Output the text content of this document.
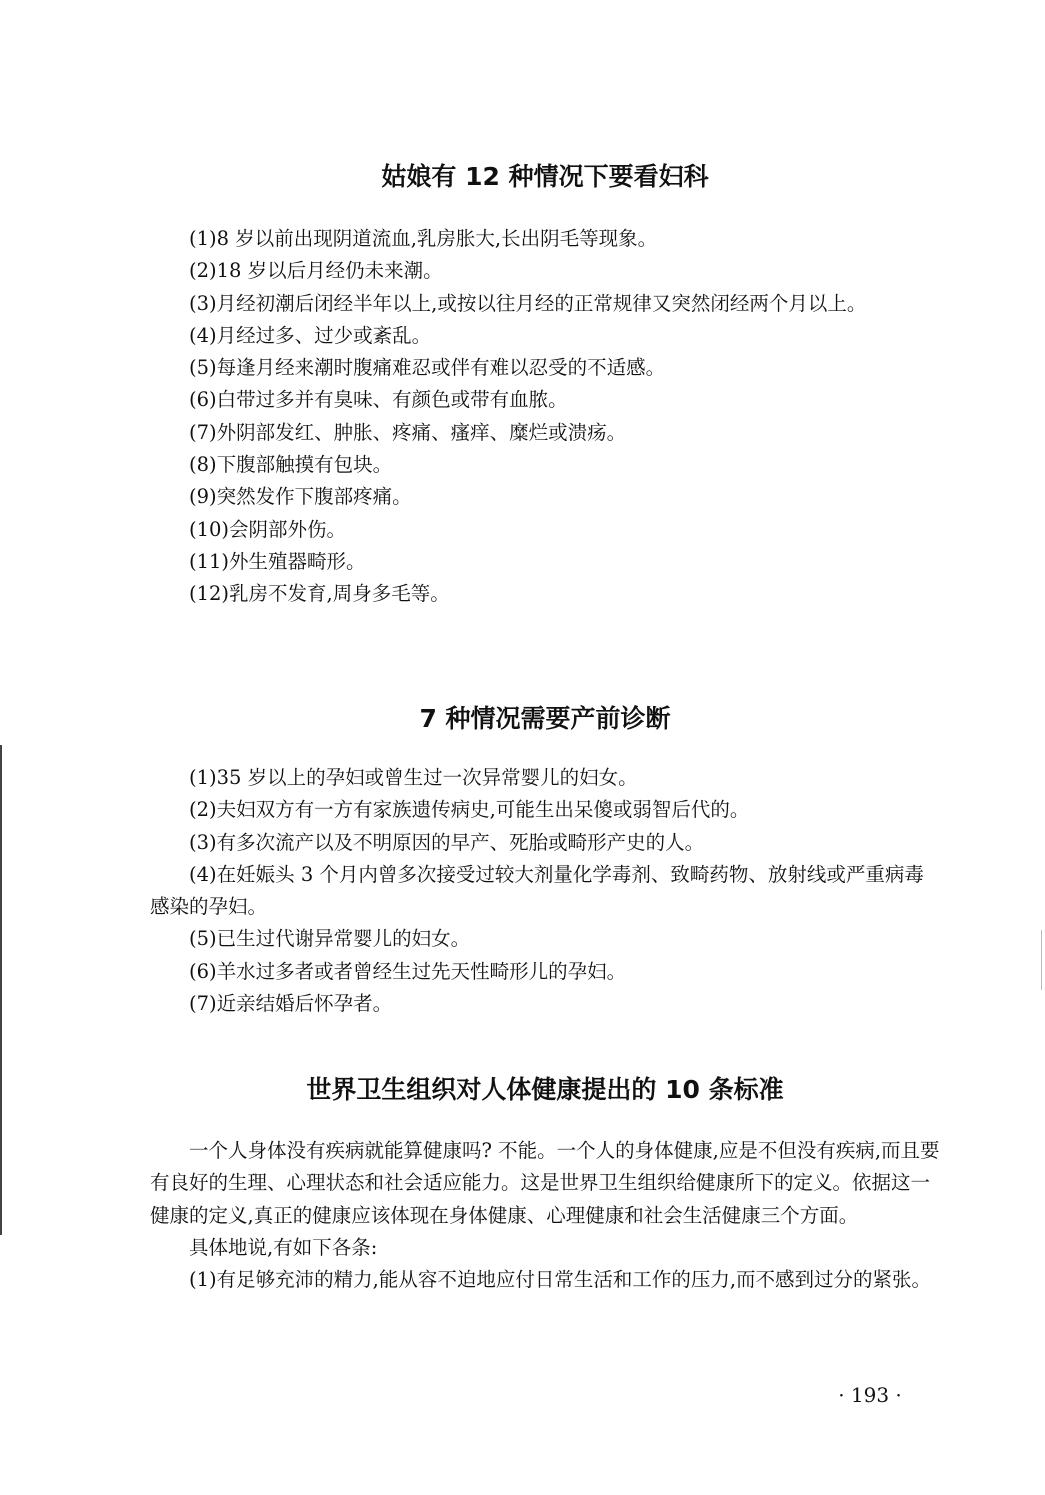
姑娘有 12 种情况下要看妇科

(1)8 岁以前出现阴道流血,乳房胀大,长出阴毛等现象。

(2)18 岁以后月经仍未来潮。

(3)月经初潮后闭经半年以上,或按以往月经的正常规律又突然闭经两个月以上。

(4)月经过多、过少或紊乱。

(5)每逢月经来潮时腹痛难忍或伴有难以忍受的不适感。

(6)白带过多并有臭味、有颜色或带有血脓。

(7)外阴部发红、肿胀、疼痛、瘙痒、糜烂或溃疡。

(8)下腹部触摸有包块。

(9)突然发作下腹部疼痛。

(10)会阴部外伤。

(11)外生殖器畸形。

(12)乳房不发育,周身多毛等。

7 种情况需要产前诊断

(1)35 岁以上的孕妇或曾生过一次异常婴儿的妇女。

(2)夫妇双方有一方有家族遗传病史,可能生出呆傻或弱智后代的。

(3)有多次流产以及不明原因的早产、死胎或畸形产史的人。

(4)在妊娠头 3 个月内曾多次接受过较大剂量化学毒剂、致畸药物、放射线或严重病毒感染的孕妇。

(5)已生过代谢异常婴儿的妇女。

(6)羊水过多者或者曾经生过先天性畸形儿的孕妇。

(7)近亲结婚后怀孕者。

世界卫生组织对人体健康提出的 10 条标准

一个人身体没有疾病就能算健康吗? 不能。一个人的身体健康,应是不但没有疾病,而且要有良好的生理、心理状态和社会适应能力。这是世界卫生组织给健康所下的定义。依据这一健康的定义,真正的健康应该体现在身体健康、心理健康和社会生活健康三个方面。

具体地说,有如下各条:

(1)有足够充沛的精力,能从容不迫地应付日常生活和工作的压力,而不感到过分的紧张。

· 193 ·
